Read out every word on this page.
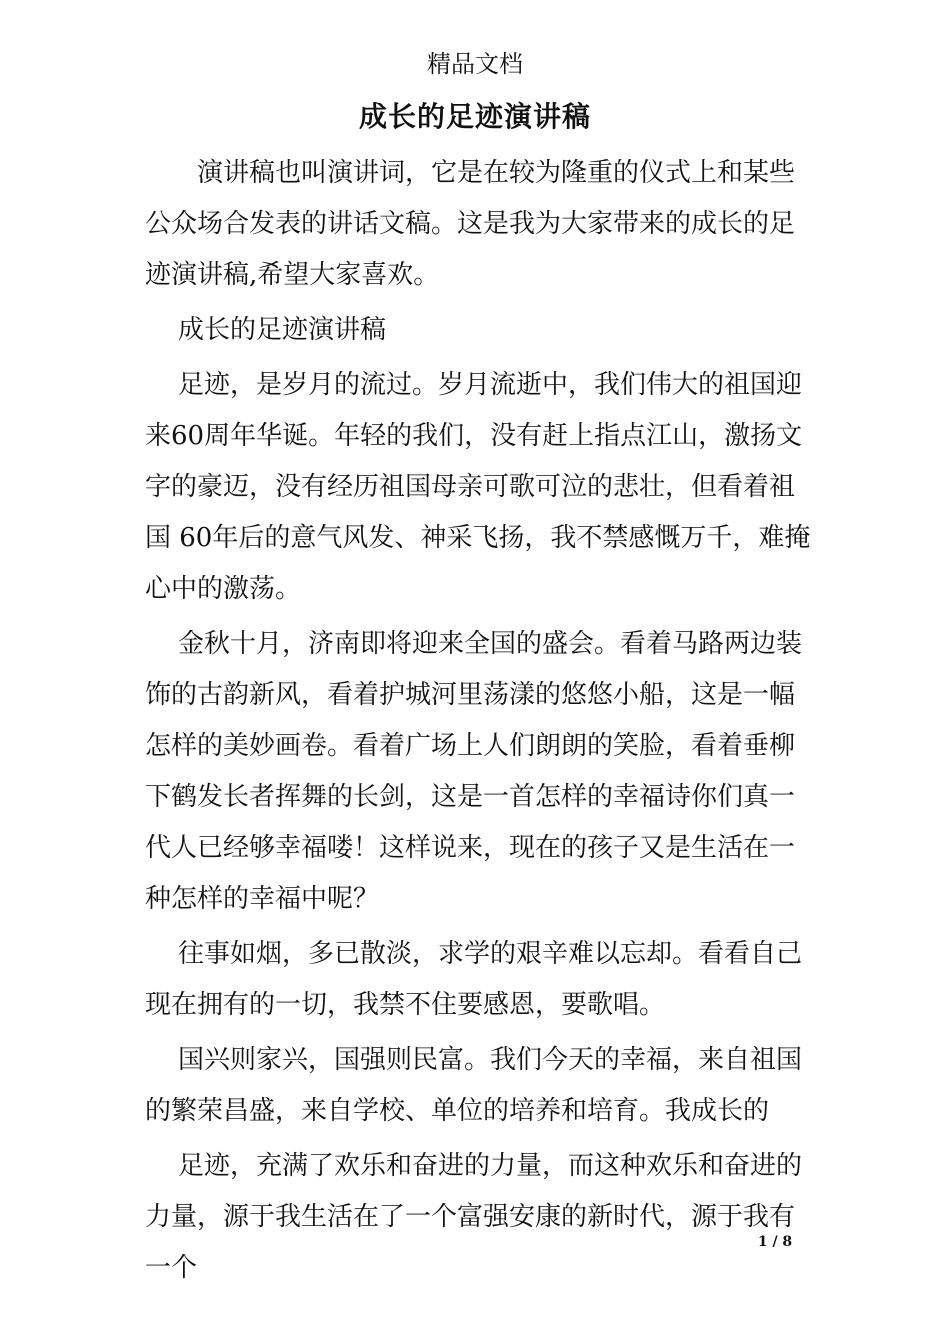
精品文档
成长的足迹演讲稿

演讲稿也叫演讲词，它是在较为隆重的仪式上和某些公众场合发表的讲话文稿。这是我为大家带来的成长的足迹演讲稿,希望大家喜欢。

成长的足迹演讲稿

足迹，是岁月的流过。岁月流逝中，我们伟大的祖国迎来60周年华诞。年轻的我们，没有赶上指点江山，激扬文字的豪迈，没有经历祖国母亲可歌可泣的悲壮，但看着祖国 60年后的意气风发、神采飞扬，我不禁感慨万千，难掩心中的激荡。

金秋十月，济南即将迎来全国的盛会。看着马路两边装饰的古韵新风，看着护城河里荡漾的悠悠小船，这是一幅怎样的美妙画卷。看着广场上人们朗朗的笑脸，看着垂柳下鹤发长者挥舞的长剑，这是一首怎样的幸福诗你们真一代人已经够幸福喽！这样说来，现在的孩子又是生活在一种怎样的幸福中呢？

往事如烟，多已散淡，求学的艰辛难以忘却。看看自己现在拥有的一切，我禁不住要感恩，要歌唱。

国兴则家兴，国强则民富。我们今天的幸福，来自祖国的繁荣昌盛，来自学校、单位的培养和培育。我成长的

足迹，充满了欢乐和奋进的力量，而这种欢乐和奋进的力量，源于我生活在了一个富强安康的新时代，源于我有一个

1 / 8
